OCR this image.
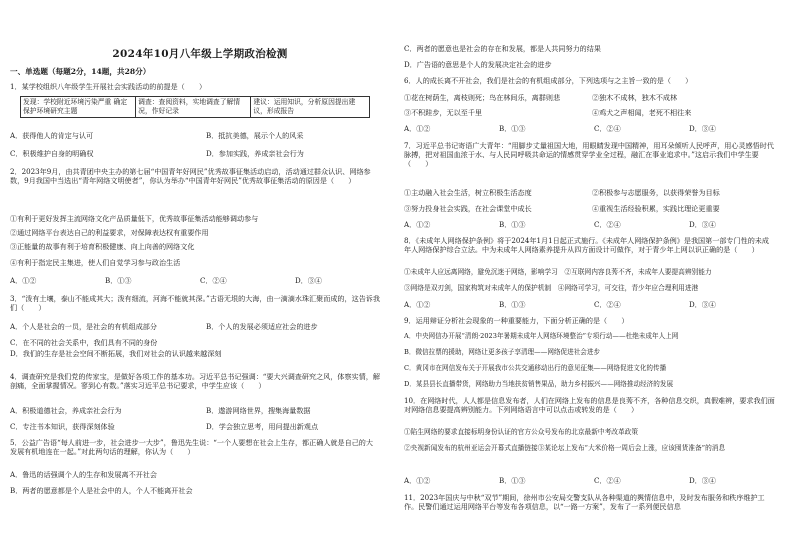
2024年10月八年级上学期政治检测
一、单选题（每题2分，14题，共28分）
1．某学校组织八年级学生开展社会实践活动的前提是（　　）
发现：学校附近环境污染严重 确定保护环境研究主题	调查：查阅资料，实地调查了解情况，作好记录	建议：运用知识，分析原因提出建议，形成报告
A．获得他人的肯定与认可	B．抵抗美德，展示个人的风采
C．积极维护自身的明确权	D．参加实践，养成亲社会行为
2．2023年9月，由共青团中央主办的第七届“中国青年好网民”优秀故事征集活动启动，活动通过群众认识、网络参数，9月我国中当选出“青年网络文明使者”，你认为举办“中国青年好网民”优秀故事征集活动的原因是（　　）
①有利于更好发挥主流网络文化产品质量低下，优秀故事征集活动能够调动参与
②通过网络平台表达自己的利益要求，对保障表达权有重要作用
③正能量的故事有利于培育积极健康、向上向善的网络文化
④有利于指定民主集进，使人们自觉学习参与政治生活
A．①②	B．①③	C．②④	D．③④
3．“泼有土壤，泰山不能成其大；泼有细流，河海不能就其深。”古语无垠的大海，由一滴滴水珠汇聚而成的，这告诉我们（　　）
A．个人是社会的一员，是社会的有机组成部分	B．个人的发展必须适应社会的进步
C．在不同的社会关系中，我们具有不同的身份
D．我们的生存是社会空间不断拓展，我们对社会的认识越来越深刻
4．调查研究是我们党的传家宝，是做好各项工作的基本功。习近平总书记强调：“要大兴调查研究之风，体察实情，解剖痛，全面掌握情况。寥到心有数。”落实习近平总书记要求，中学生应该（　　）
A．积极道德社会，养成亲社会行为	B．遨游网络世界，搜集海量数据
C．专注书本知识，获得深刻体验	D．学会独立思考，用问提出新观点
5．公益广告语“每人前进一步，社会进步一大步”，鲁迅先生说：“一个人要想在社会上生存，都正确人就是自己的大发展有机地连在一起。”对此两句话的理解，你认为（　　）
A．鲁迅的话强调个人的生存和发展离不开社会
B．两者的愿意都是个人是社会中的人，个人不能离开社会
C．两者的愿意也是社会的存在和发展，都是人共同努力的结果
D．广告语的意思是个人的发展决定社会的进步
6．人的成长离不开社会，我们是社会的有机组成部分，下列选项与之主旨一致的是（　　）
①花在树荫生，离枝则死；鸟在林间乐，离群则悲	②独木不成林，独木不成林
③不积跬步，无以至千里	④鸡犬之声相闻，老死不相往来
A．①②	B．①③	C．②④	D．③④
7．习近平总书记寄语广大青年：“用脚步丈量祖国大地，用眼睛发现中国精神，用耳朵倾听人民呼声，用心灵感悟时代脉搏，把对祖国血浓于水、与人民同呼吸共命运的情感贯穿学业全过程，融汇在事业追求中。”这启示我们中学生要（　　）
①主动融入社会生活，树立积极生活态度	②积极参与志愿服务，以获得荣誉为目标
③努力投身社会实践，在社会课堂中成长	④重视生活经验积累，实践比理论更重要
A．①②	B．①③	C．②④	D．③④
8．《未成年人网络保护条例》将于2024年1月1日起正式施行。《未成年人网络保护条例》是我国第一部专门性的未成年人网络保护综合立法。中为未成年人网络素养提升从四方面设计可做作，对于青少年上网以识正确的是（　　）
①未成年人应远离网络，避免沉迷于网络，影响学习　②互联网内容良莠不齐，未成年人要提高辨别能力
③网络是双刃剑，国家构筑对未成年人的保护机制　④网络可学习，可交往，青少年应合理利用进港
A．①②	B．①③	C．②④	D．③④
9．运用辩证分析社会现象的一种重要能力，下面分析正确的是（　　）
A．中央网信办开展“清朗·2023年暑期未成年人网络环境整治”专项行动——杜绝未成年人上网
B．微信拉票的援助，网络让更多孩子享清理——网络促进社会进步
C．黄冈市在网信发布关于开展我市公共交通移动出行的意见征集——网络促进文化的传播
D．某县县长直播带货，网络助力当地扶贫销售果品，助力乡村振兴——网络推动经济的发展
10．在网络时代，人人都是信息发布者，人们在网络上发布的信息是良莠不齐，各种信息交织，真假难辨，要求我们面对网络信息要提高辨别能力。下列网络语言中可以点击或转发的是（　　）
①陷生网络的要求直接标明身份认证的官方公众号发布的北京最新中考改革政策
②央视新闻发布的杭州亚运会开幕式直播链接③某论坛上发布“大米价格一周后会上涨，应该囤货准备”的消息
A．①②	B．①③	C．②④	D．③④
11．2023年国庆与中秋“双节”期间，徐州市公安局交警支队从各种渠道的舆情信息中，及时发布服务和秩序维护工作。民警们通过运用网络平台等发布各项信息，以“一路一方案”，发布了一系列便民信息
